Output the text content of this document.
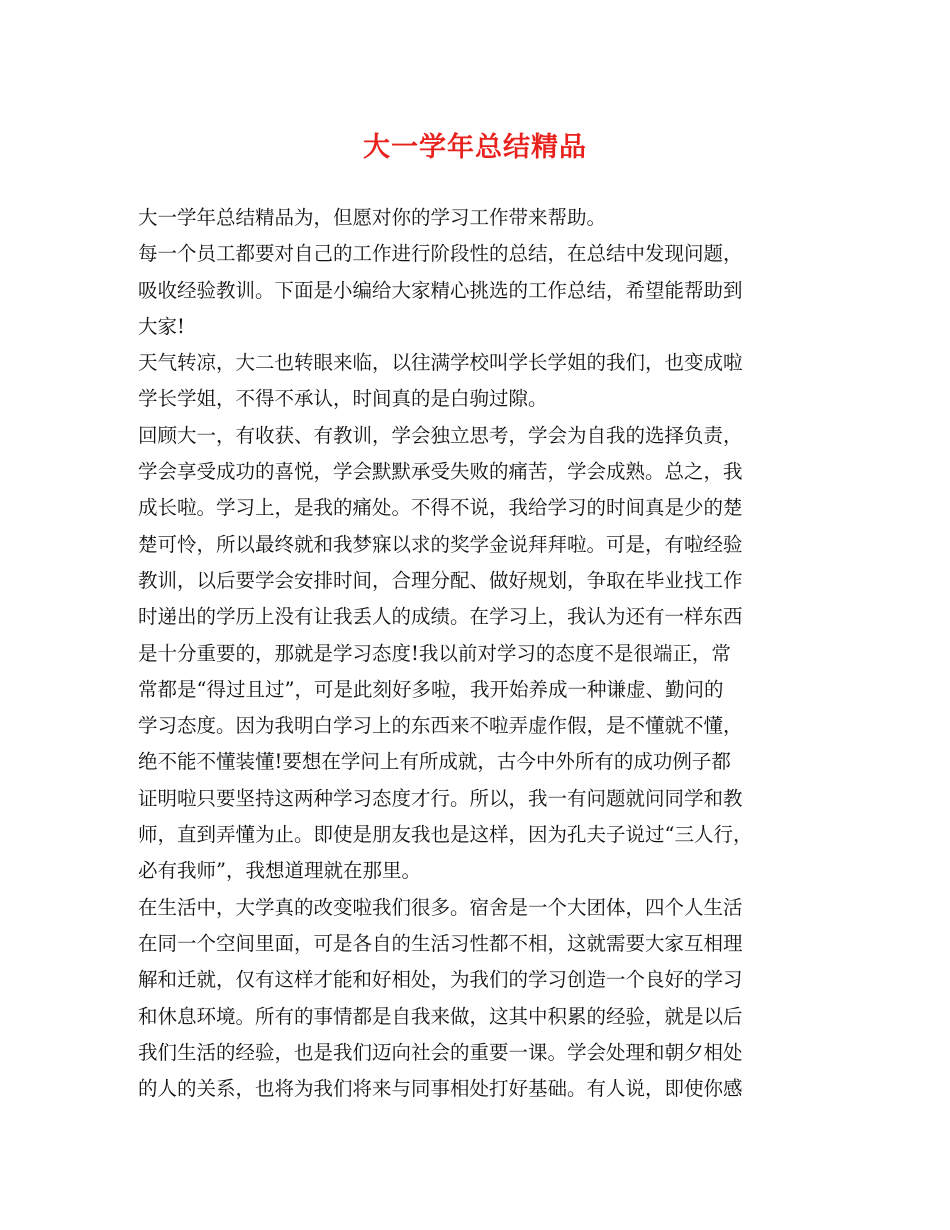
大一学年总结精品
大一学年总结精品为，但愿对你的学习工作带来帮助。
每一个员工都要对自己的工作进行阶段性的总结，在总结中发现问题，
吸收经验教训。下面是小编给大家精心挑选的工作总结，希望能帮助到
大家!
天气转凉，大二也转眼来临，以往满学校叫学长学姐的我们，也变成啦
学长学姐，不得不承认，时间真的是白驹过隙。
回顾大一，有收获、有教训，学会独立思考，学会为自我的选择负责，
学会享受成功的喜悦，学会默默承受失败的痛苦，学会成熟。总之，我
成长啦。学习上，是我的痛处。不得不说，我给学习的时间真是少的楚
楚可怜，所以最终就和我梦寐以求的奖学金说拜拜啦。可是，有啦经验
教训，以后要学会安排时间，合理分配、做好规划，争取在毕业找工作
时递出的学历上没有让我丢人的成绩。在学习上，我认为还有一样东西
是十分重要的，那就是学习态度!我以前对学习的态度不是很端正，常
常都是“得过且过”，可是此刻好多啦，我开始养成一种谦虚、勤问的
学习态度。因为我明白学习上的东西来不啦弄虚作假，是不懂就不懂，
绝不能不懂装懂!要想在学问上有所成就，古今中外所有的成功例子都
证明啦只要坚持这两种学习态度才行。所以，我一有问题就问同学和教
师，直到弄懂为止。即使是朋友我也是这样，因为孔夫子说过“三人行，
必有我师”，我想道理就在那里。
在生活中，大学真的改变啦我们很多。宿舍是一个大团体，四个人生活
在同一个空间里面，可是各自的生活习性都不相，这就需要大家互相理
解和迁就，仅有这样才能和好相处，为我们的学习创造一个良好的学习
和休息环境。所有的事情都是自我来做，这其中积累的经验，就是以后
我们生活的经验，也是我们迈向社会的重要一课。学会处理和朝夕相处
的人的关系，也将为我们将来与同事相处打好基础。有人说，即使你感
